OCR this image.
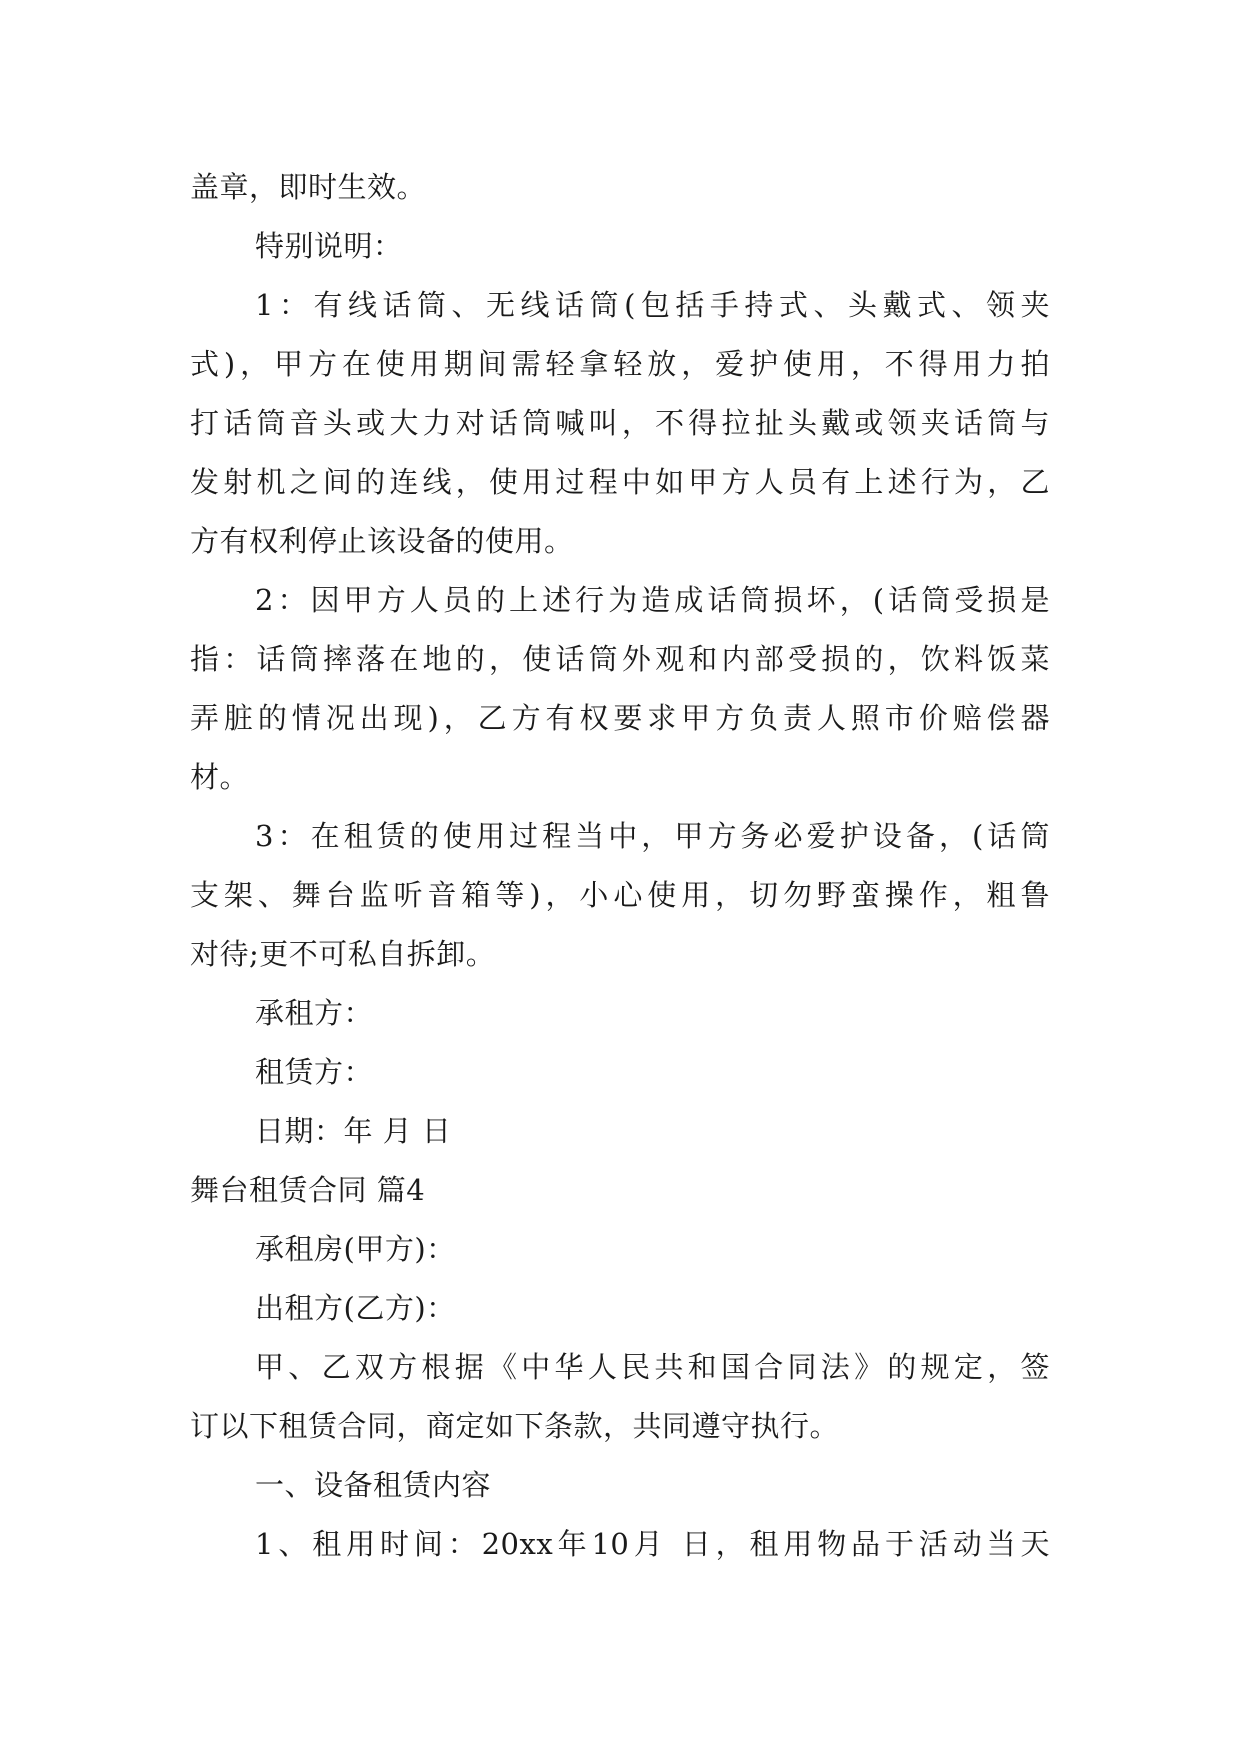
盖章，即时生效。
特别说明：
1：有线话筒、无线话筒(包括手持式、头戴式、领夹
式)，甲方在使用期间需轻拿轻放，爱护使用，不得用力拍
打话筒音头或大力对话筒喊叫，不得拉扯头戴或领夹话筒与
发射机之间的连线，使用过程中如甲方人员有上述行为，乙
方有权利停止该设备的使用。
2：因甲方人员的上述行为造成话筒损坏，(话筒受损是
指：话筒摔落在地的，使话筒外观和内部受损的，饮料饭菜
弄脏的情况出现)，乙方有权要求甲方负责人照市价赔偿器
材。
3：在租赁的使用过程当中，甲方务必爱护设备，(话筒
支架、舞台监听音箱等)，小心使用，切勿野蛮操作，粗鲁
对待;更不可私自拆卸。
承租方：
租赁方：
日期：年 月 日
舞台租赁合同 篇4
承租房(甲方)：
出租方(乙方)：
甲、乙双方根据《中华人民共和国合同法》的规定，签
订以下租赁合同，商定如下条款，共同遵守执行。
一、设备租赁内容
1、租用时间：20xx年10月 日，租用物品于活动当天
